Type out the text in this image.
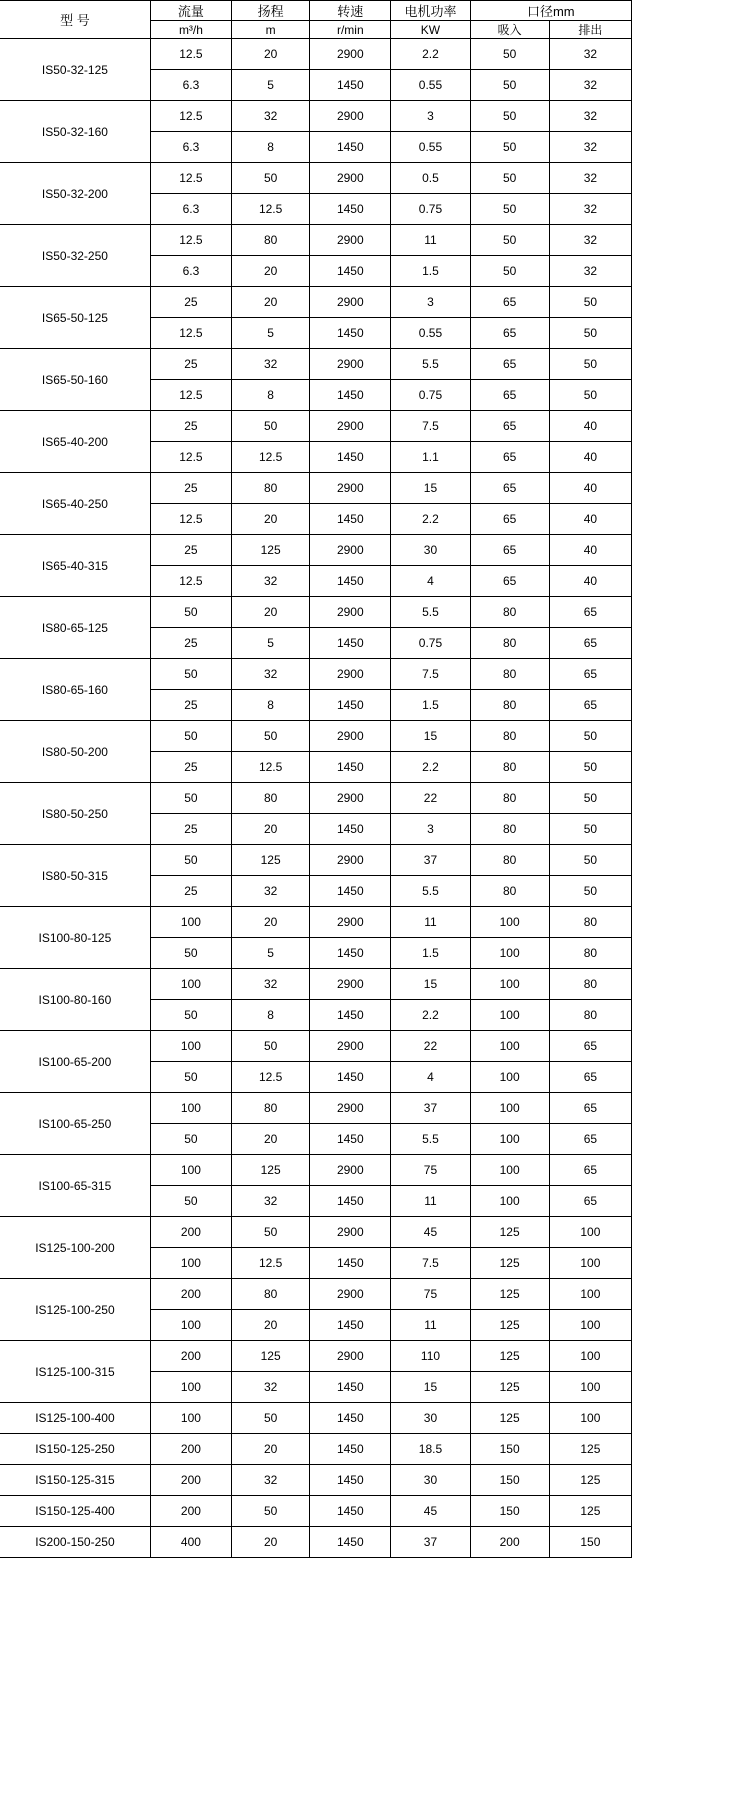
型 号	流量	扬程	转速	电机功率	口径mm	
	m³/h	m	r/min	KW	吸入	排出
IS50-32-125	12.5	20	2900	2.2	50	32
	6.3	5	1450	0.55	50	32
IS50-32-160	12.5	32	2900	3	50	32
	6.3	8	1450	0.55	50	32
IS50-32-200	12.5	50	2900	0.5	50	32
	6.3	12.5	1450	0.75	50	32
IS50-32-250	12.5	80	2900	11	50	32
	6.3	20	1450	1.5	50	32
IS65-50-125	25	20	2900	3	65	50
	12.5	5	1450	0.55	65	50
IS65-50-160	25	32	2900	5.5	65	50
	12.5	8	1450	0.75	65	50
IS65-40-200	25	50	2900	7.5	65	40
	12.5	12.5	1450	1.1	65	40
IS65-40-250	25	80	2900	15	65	40
	12.5	20	1450	2.2	65	40
IS65-40-315	25	125	2900	30	65	40
	12.5	32	1450	4	65	40
IS80-65-125	50	20	2900	5.5	80	65
	25	5	1450	0.75	80	65
IS80-65-160	50	32	2900	7.5	80	65
	25	8	1450	1.5	80	65
IS80-50-200	50	50	2900	15	80	50
	25	12.5	1450	2.2	80	50
IS80-50-250	50	80	2900	22	80	50
	25	20	1450	3	80	50
IS80-50-315	50	125	2900	37	80	50
	25	32	1450	5.5	80	50
IS100-80-125	100	20	2900	11	100	80
	50	5	1450	1.5	100	80
IS100-80-160	100	32	2900	15	100	80
	50	8	1450	2.2	100	80
IS100-65-200	100	50	2900	22	100	65
	50	12.5	1450	4	100	65
IS100-65-250	100	80	2900	37	100	65
	50	20	1450	5.5	100	65
IS100-65-315	100	125	2900	75	100	65
	50	32	1450	11	100	65
IS125-100-200	200	50	2900	45	125	100
	100	12.5	1450	7.5	125	100
IS125-100-250	200	80	2900	75	125	100
	100	20	1450	11	125	100
IS125-100-315	200	125	2900	110	125	100
	100	32	1450	15	125	100
IS125-100-400	100	50	1450	30	125	100
IS150-125-250	200	20	1450	18.5	150	125
IS150-125-315	200	32	1450	30	150	125
IS150-125-400	200	50	1450	45	150	125
IS200-150-250	400	20	1450	37	200	150
